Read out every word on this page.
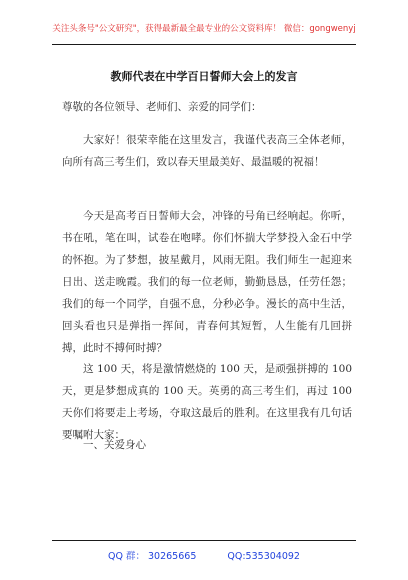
关注头条号"公文研究"，获得最新最全最专业的公文资料库！ 微信：gongwenyj
教师代表在中学百日誓师大会上的发言

尊敬的各位领导、老师们、亲爱的同学们：

大家好！很荣幸能在这里发言，我谨代表高三全体老师，向所有高三考生们，致以春天里最美好、最温暖的祝福！

今天是高考百日誓师大会，冲锋的号角已经响起。你听，书在吼，笔在叫，试卷在咆哮。你们怀揣大学梦投入金石中学的怀抱。为了梦想，披星戴月，风雨无阻。我们师生一起迎来日出、送走晚霞。我们的每一位老师，勤勤恳恳，任劳任怨；我们的每一个同学，自强不息，分秒必争。漫长的高中生活，回头看也只是弹指一挥间，青春何其短暂，人生能有几回拼搏，此时不搏何时搏？

这 100 天，将是激情燃烧的 100 天，是顽强拼搏的 100 天，更是梦想成真的 100 天。英勇的高三考生们，再过 100 天你们将要走上考场，夺取这最后的胜利。在这里我有几句话要嘱咐大家：

一、关爱身心

QQ 群： 30265665	QQ:535304092
